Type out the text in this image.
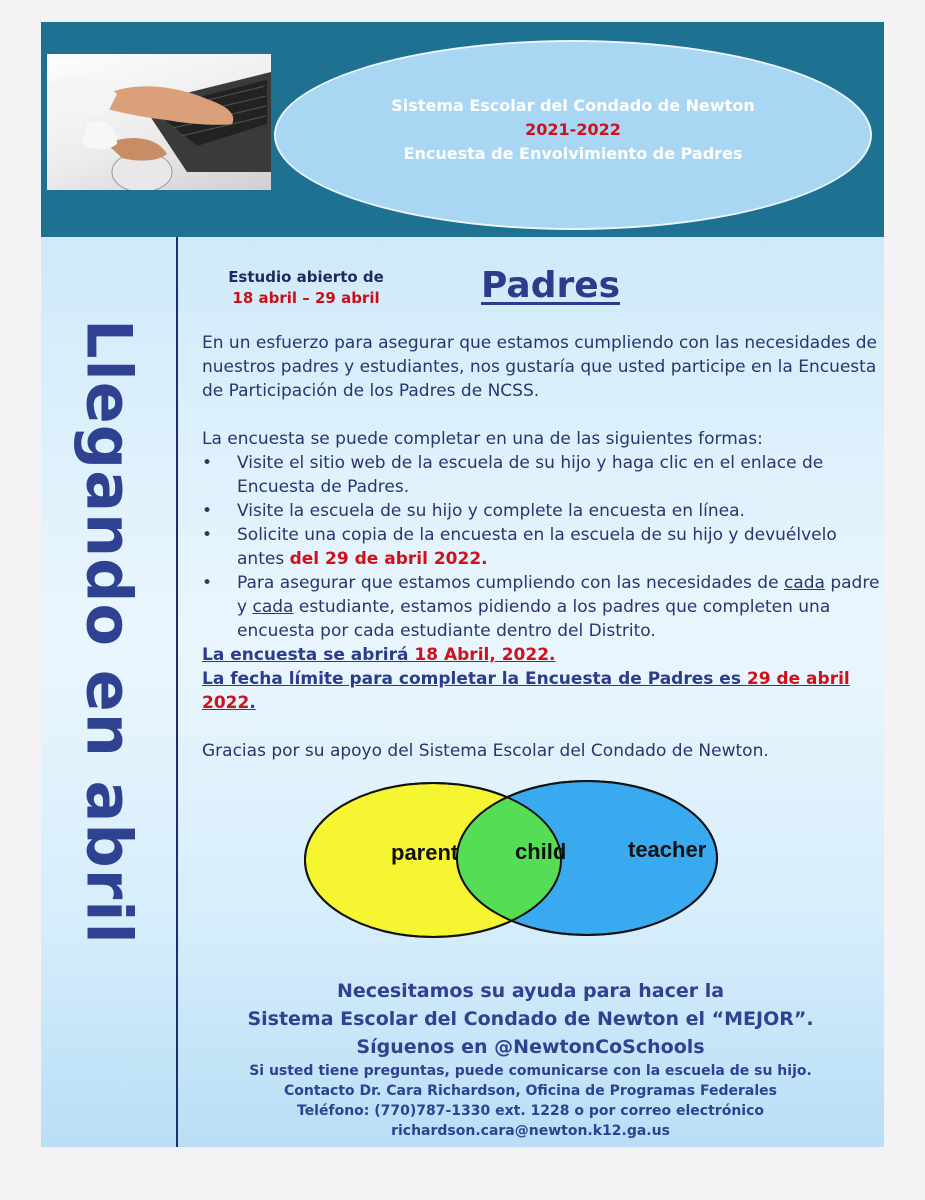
Sistema Escolar del Condado de Newton
2021-2022
Encuesta de Envolvimiento de Padres
Llegando en abril
Estudio abierto de
18 abril – 29 abril	Padres

En un esfuerzo para asegurar que estamos cumpliendo con las necesidades de nuestros padres y estudiantes, nos gustaría que usted participe en la Encuesta de Participación de los Padres de NCSS.

La encuesta se puede completar en una de las siguientes formas:

• Visite el sitio web de la escuela de su hijo y haga clic en el enlace de Encuesta de Padres.
• Visite la escuela de su hijo y complete la encuesta en línea.
• Solicite una copia de la encuesta en la escuela de su hijo y devuélvelo antes del 29 de abril 2022.
• Para asegurar que estamos cumpliendo con las necesidades de cada padre y cada estudiante, estamos pidiendo a los padres que completen una encuesta por cada estudiante dentro del Distrito.

La encuesta se abrirá 18 Abril, 2022.

La fecha límite para completar la Encuesta de Padres es 29 de abril 2022.

Gracias por su apoyo del Sistema Escolar del Condado de Newton.

parent	child	teacher
Necesitamos su ayuda para hacer la
Sistema Escolar del Condado de Newton el “MEJOR”.
Síguenos en @NewtonCoSchools
Si usted tiene preguntas, puede comunicarse con la escuela de su hijo.
Contacto Dr. Cara Richardson, Oficina de Programas Federales
Teléfono: (770)787-1330 ext. 1228 o por correo electrónico
richardson.cara@newton.k12.ga.us
